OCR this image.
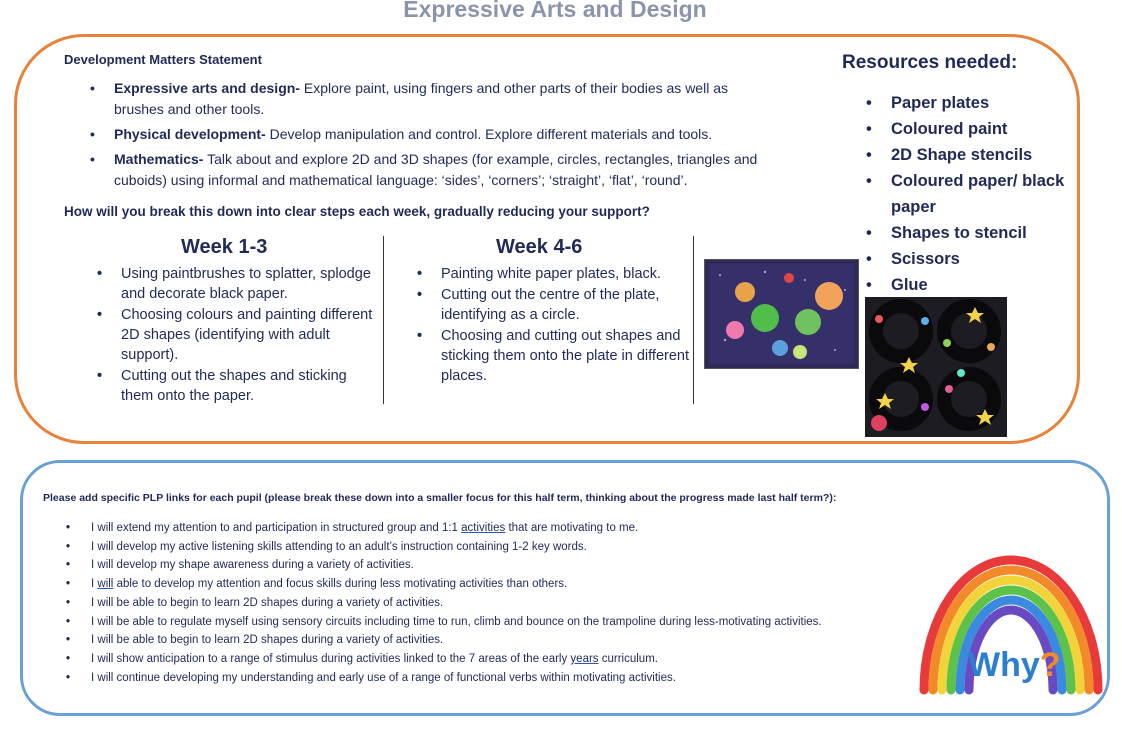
Expressive Arts and Design
Development Matters Statement
• Expressive arts and design- Explore paint, using fingers and other parts of their bodies as well as brushes and other tools.
• Physical development- Develop manipulation and control. Explore different materials and tools.
• Mathematics- Talk about and explore 2D and 3D shapes (for example, circles, rectangles, triangles and cuboids) using informal and mathematical language: ‘sides’, ‘corners’; ‘straight’, ‘flat’, ‘round’.
How will you break this down into clear steps each week, gradually reducing your support?
Week 1-3	Week 4-6
• Using paintbrushes to splatter, splodge and decorate black paper.
• Choosing colours and painting different 2D shapes (identifying with adult support).
• Cutting out the shapes and sticking them onto the paper.
• Painting white paper plates, black.
• Cutting out the centre of the plate, identifying as a circle.
• Choosing and cutting out shapes and sticking them onto the plate in different places.
Resources needed:
• Paper plates
• Coloured paint
• 2D Shape stencils
• Coloured paper/ black paper
• Shapes to stencil
• Scissors
• Glue
Please add specific PLP links for each pupil (please break these down into a smaller focus for this half term, thinking about the progress made last half term?):
• I will extend my attention to and participation in structured group and 1:1 activities that are motivating to me.
• I will develop my active listening skills attending to an adult’s instruction containing 1-2 key words.
• I will develop my shape awareness during a variety of activities.
• I will able to develop my attention and focus skills during less motivating activities than others.
• I will be able to begin to learn 2D shapes during a variety of activities.
• I will be able to regulate myself using sensory circuits including time to run, climb and bounce on the trampoline during less-motivating activities.
• I will be able to begin to learn 2D shapes during a variety of activities.
• I will show anticipation to a range of stimulus during activities linked to the 7 areas of the early years curriculum.
• I will continue developing my understanding and early use of a range of functional verbs within motivating activities.	Why?
